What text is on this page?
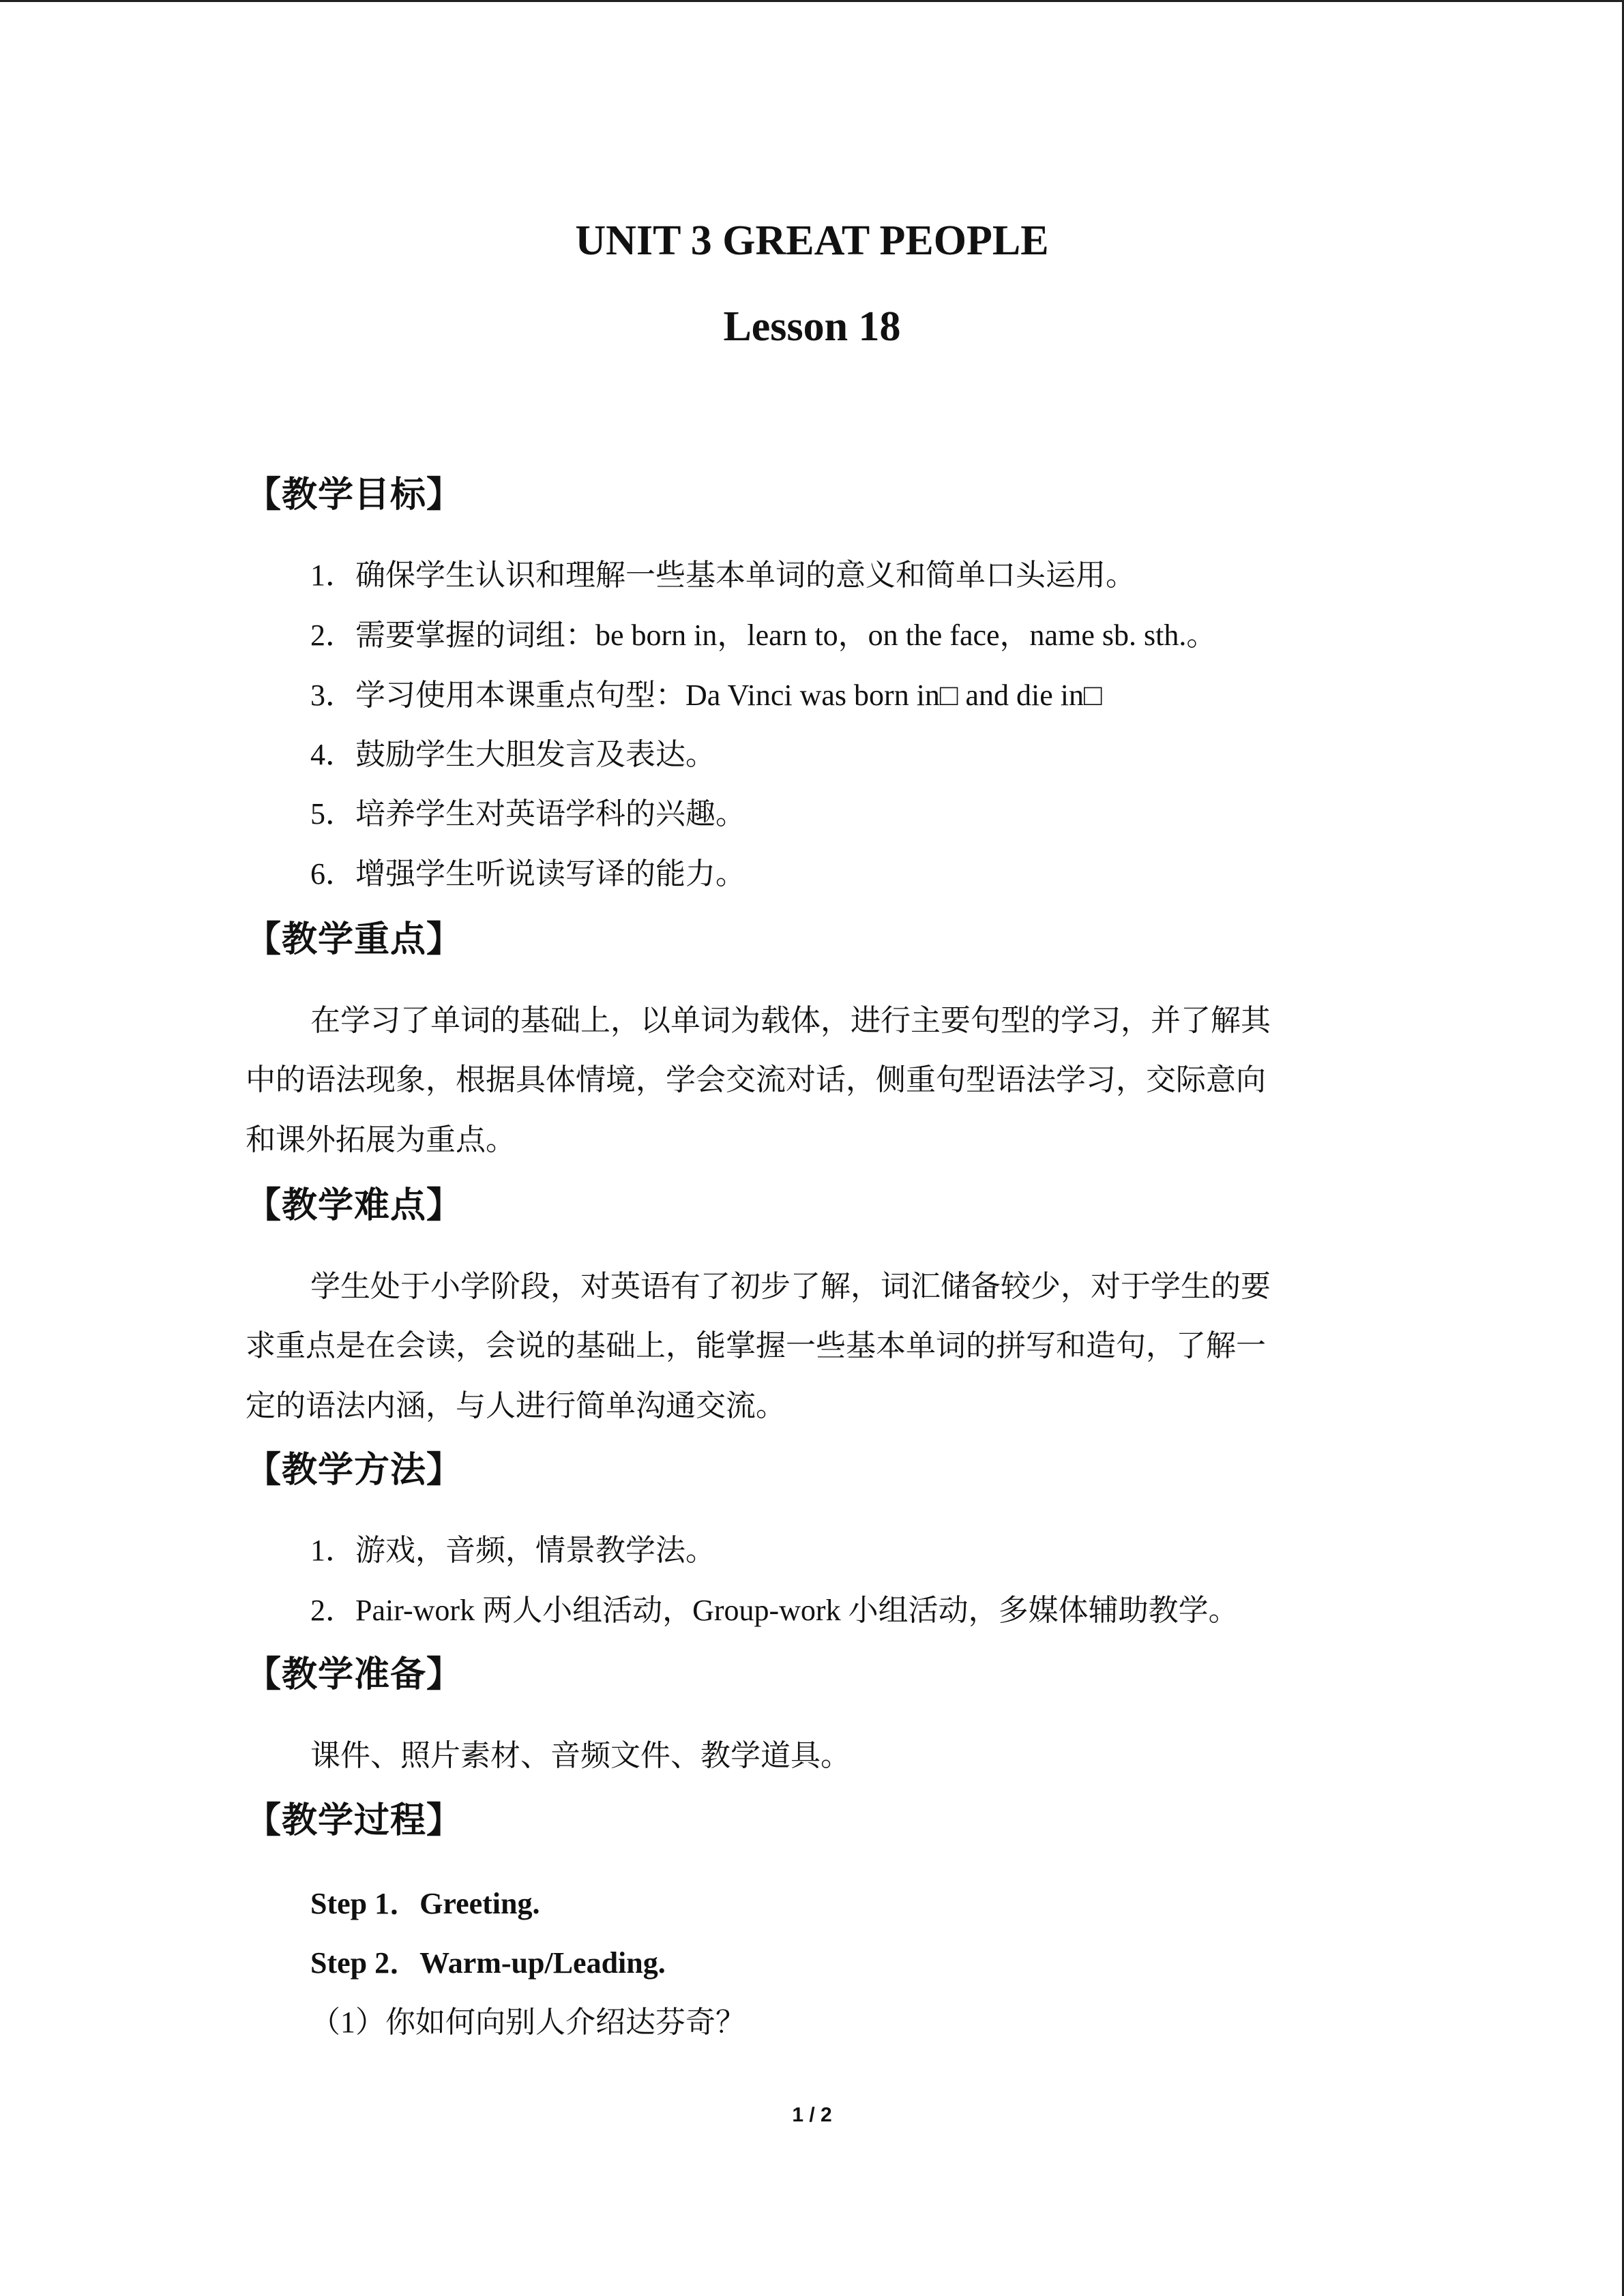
UNIT 3 GREAT PEOPLE
Lesson 18
【教学目标】
1．确保学生认识和理解一些基本单词的意义和简单口头运用。
2．需要掌握的词组：be born in，learn to，on the face，name sb. sth.。
3．学习使用本课重点句型：Da Vinci was born in□ and die in□
4．鼓励学生大胆发言及表达。
5．培养学生对英语学科的兴趣。
6．增强学生听说读写译的能力。
【教学重点】
在学习了单词的基础上，以单词为载体，进行主要句型的学习，并了解其
中的语法现象，根据具体情境，学会交流对话，侧重句型语法学习，交际意向
和课外拓展为重点。
【教学难点】
学生处于小学阶段，对英语有了初步了解，词汇储备较少，对于学生的要
求重点是在会读，会说的基础上，能掌握一些基本单词的拼写和造句，了解一
定的语法内涵，与人进行简单沟通交流。
【教学方法】
1．游戏，音频，情景教学法。
2．Pair-work 两人小组活动，Group-work 小组活动，多媒体辅助教学。
【教学准备】
课件、照片素材、音频文件、教学道具。
【教学过程】
Step 1．Greeting.
Step 2．Warm-up/Leading.
（1）你如何向别人介绍达芬奇？
1 / 2
